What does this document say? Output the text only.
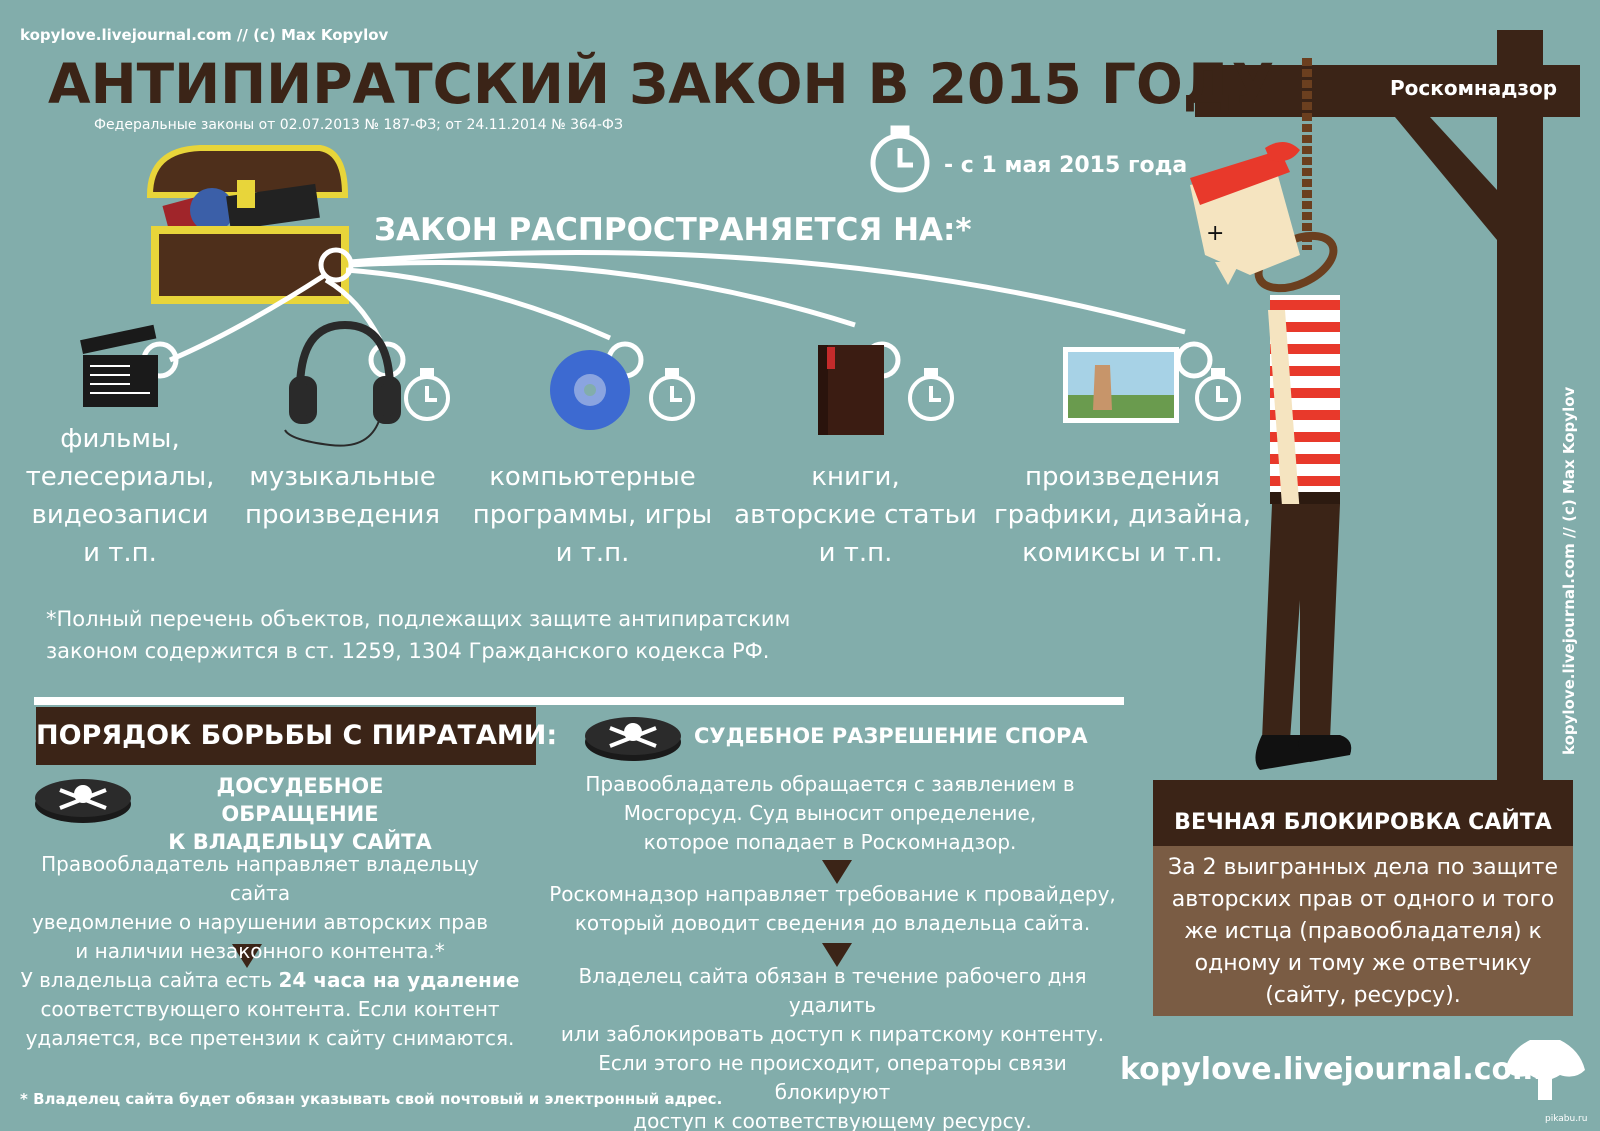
+
kopylove.livejournal.com // (c) Max Kopylov
АНТИПИРАТСКИЙ ЗАКОН В 2015 ГОДУ
Федеральные законы от 02.07.2013 № 187-ФЗ; от 24.11.2014 № 364-ФЗ
- с 1 мая 2015 года
ЗАКОН РАСПРОСТРАНЯЕТСЯ НА:*
фильмы,
телесериалы,
видеозаписи
и т.п.
музыкальные
произведения
компьютерные
программы, игры
и т.п.
книги,
авторские статьи
и т.п.
произведения
графики, дизайна,
комиксы и т.п.
*Полный перечень объектов, подлежащих защите антипиратским
законом содержится в ст. 1259, 1304 Гражданского кодекса РФ.
ПОРЯДОК БОРЬБЫ С ПИРАТАМИ:
ДОСУДЕБНОЕ ОБРАЩЕНИЕ
К ВЛАДЕЛЬЦУ САЙТА
Правообладатель направляет владельцу сайта
уведомление о нарушении авторских прав
и наличии незаконного контента.*
У владельца сайта есть 24 часа на удаление
соответствующего контента. Если контент
удаляется, все претензии к сайту снимаются.
СУДЕБНОЕ РАЗРЕШЕНИЕ СПОРА
Правообладатель обращается с заявлением в
Мосгорсуд. Суд выносит определение,
которое попадает в Роскомнадзор.
Роскомнадзор направляет требование к провайдеру,
который доводит сведения до владельца сайта.
Владелец сайта обязан в течение рабочего дня удалить
или заблокировать доступ к пиратскому контенту.
Если этого не происходит, операторы связи блокируют
доступ к соответствующему ресурсу.
Роскомнадзор
ВЕЧНАЯ БЛОКИРОВКА САЙТА
За 2 выигранных дела по защите
авторских прав от одного и того
же истца (правообладателя) к
одному и тому же ответчику
(сайту, ресурсу).
* Владелец сайта будет обязан указывать свой почтовый и электронный адрес.
kopylove.livejournal.com
kopylove.livejournal.com // (c) Max Kopylov
pikabu.ru
